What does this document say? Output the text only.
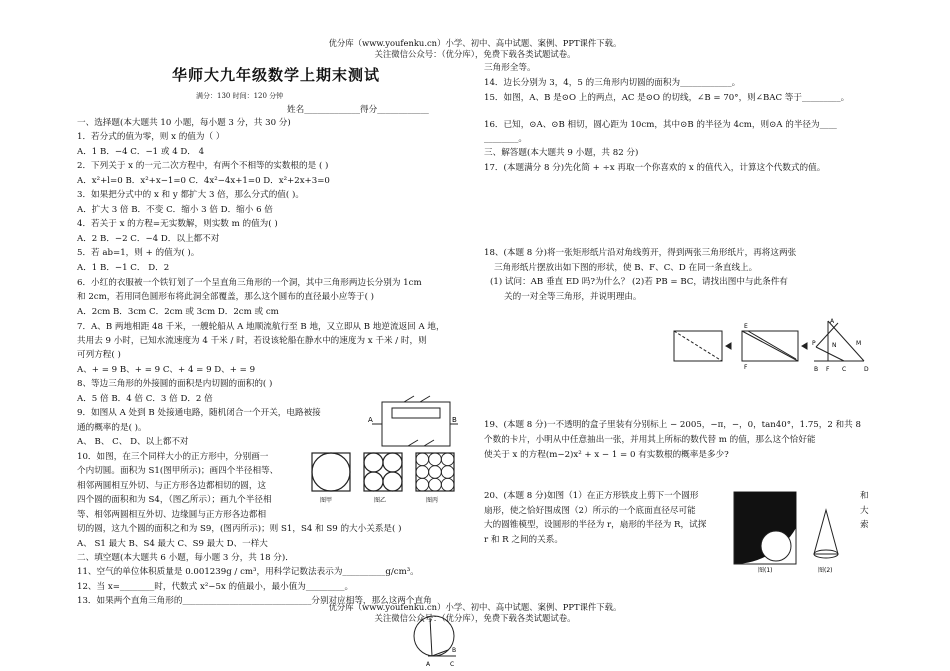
优分库（www.youfenku.cn）小学、初中、高中试题、案例、PPT课件下载。
关注微信公众号：（优分库），免费下载各类试题试卷。
华师大九年级数学上期末测试
满分：130 时间：120 分钟
姓名_____________得分____________
一、选择题(本大题共 10 小题，每小题 3 分，共 30 分)
1．若分式的值为零，则 x 的值为（ ）
A．1 B．−4 C．−1 或 4 D． 4
2．下列关于 x 的一元二次方程中，有两个不相等的实数根的是 ( )
A．x²+l=0 B．x²+x−1=0 C．4x²−4x+1=0 D．x²+2x+3=0
3．如果把分式中的 x 和 y 都扩大 3 倍，那么分式的值( )。
A．扩大 3 倍 B．不变 C．缩小 3 倍 D．缩小 6 倍
4．若关于 x 的方程=无实数解，则实数 m 的值为( )
A．2 B．−2 C．−4 D．以上都不对
5．若 ab=1，则 + 的值为( )。
A．1 B．−1 C． D．2
6．小红的衣服被一个铁钉划了一个呈直角三角形的一个洞，其中三角形两边长分别为 1cm
和 2cm，若用同色圆形布将此洞全部覆盖，那么这个圆布的直径最小应等于( )
A．2cm B．3cm C．2cm 或 3cm D．2cm 或 cm
7．A、B 两地相距 48 千米，一艘轮船从 A 地顺流航行至 B 地，又立即从 B 地逆流返回 A 地，
共用去 9 小时，已知水流速度为 4 千米 / 时，若设该轮船在静水中的速度为 x 千米 / 时，则
可列方程( )
A、+ = 9 B、+ = 9 C、+ 4 = 9 D、+ = 9
8、等边三角形的外接圆的面积是内切圆的面积的( )
A．5 倍 B．4 倍 C．3 倍 D．2 倍
9．如图从 A 处到 B 处接通电路，随机闭合一个开关，电路被接
通的概率的是( )。
A、 B、 C、 D、以上都不对
10．如图，在三个同样大小的正方形中，分别画一
个内切圆。面积为 S1(图甲所示)；画四个半径相等、
相邻两圆相互外切、与正方形各边都相切的圆，这
四个圆的面积和为 S4，（图乙所示）；画九个半径相
等、相邻两圆相互外切、边缘圆与正方形各边都相
切的圆，这九个圆的面积之和为 S9，(图丙所示)；则 S1，S4 和 S9 的大小关系是( )
A、 S1 最大 B、S4 最大 C、S9 最大 D、一样大
二、填空题(本大题共 6 小题，每小题 3 分，共 18 分)．
11、空气的单位体积质量是 0.001239g / cm³，用科学记数法表示为__________g/cm³。
12、当 x=________时，代数式 x²−5x 的值最小，最小值为_________。
13．如果两个直角三角形的______________________________分别对应相等，那么这两个直角
三角形全等。
14．边长分别为 3，4，5 的三角形内切圆的面积为____________。
15．如图，A、B 是⊙O 上的两点，AC 是⊙O 的切线，∠B = 70°，则∠BAC 等于_________。
16．已知，⊙A、⊙B 相切，圆心距为 10cm，其中⊙B 的半径为 4cm，则⊙A 的半径为____
________。
三、解答题(本大题共 9 小题，共 82 分)
17．(本题满分 8 分)先化简 + ÷x 再取一个你喜欢的 x 的值代入，计算这个代数式的值。
18、(本题 8 分)将一张矩形纸片沿对角线剪开，得到两张三角形纸片，再将这两张
三角形纸片摆放出如下图的形状，使 B、F、C、D 在同一条直线上。
(1) 试问：AB 垂直 ED 吗?为什么？ (2)若 PB = BC，请找出图中与此条件有
关的一对全等三角形，并说明理由。
19、(本题 8 分)一不透明的盒子里装有分别标上 − 2005，−π，−，0，tan40°，1.75，2 和共 8
个数的卡片，小明从中任意抽出一张，并用其上所标的数代替 m 的值，那么这个恰好能
使关于 x 的方程(m−2)x² + x − 1 = 0 有实数根的概率是多少?
20、(本题 8 分)如图（1）在正方形铁皮上剪下一个圆形
扇形，使之恰好围成图（2）所示的一个底面直径尽可能
大的圆锥模型，设圆形的半径为 r，扇形的半径为 R，试探
r 和 R 之间的关系。
和
大
索
A	B
图甲	图乙	图丙
A	C
B
E
A
P
B F C	D
N	M
F
图(1)	图(2)
优分库（www.youfenku.cn）小学、初中、高中试题、案例、PPT课件下载。
关注微信公众号：（优分库），免费下载各类试题试卷。
